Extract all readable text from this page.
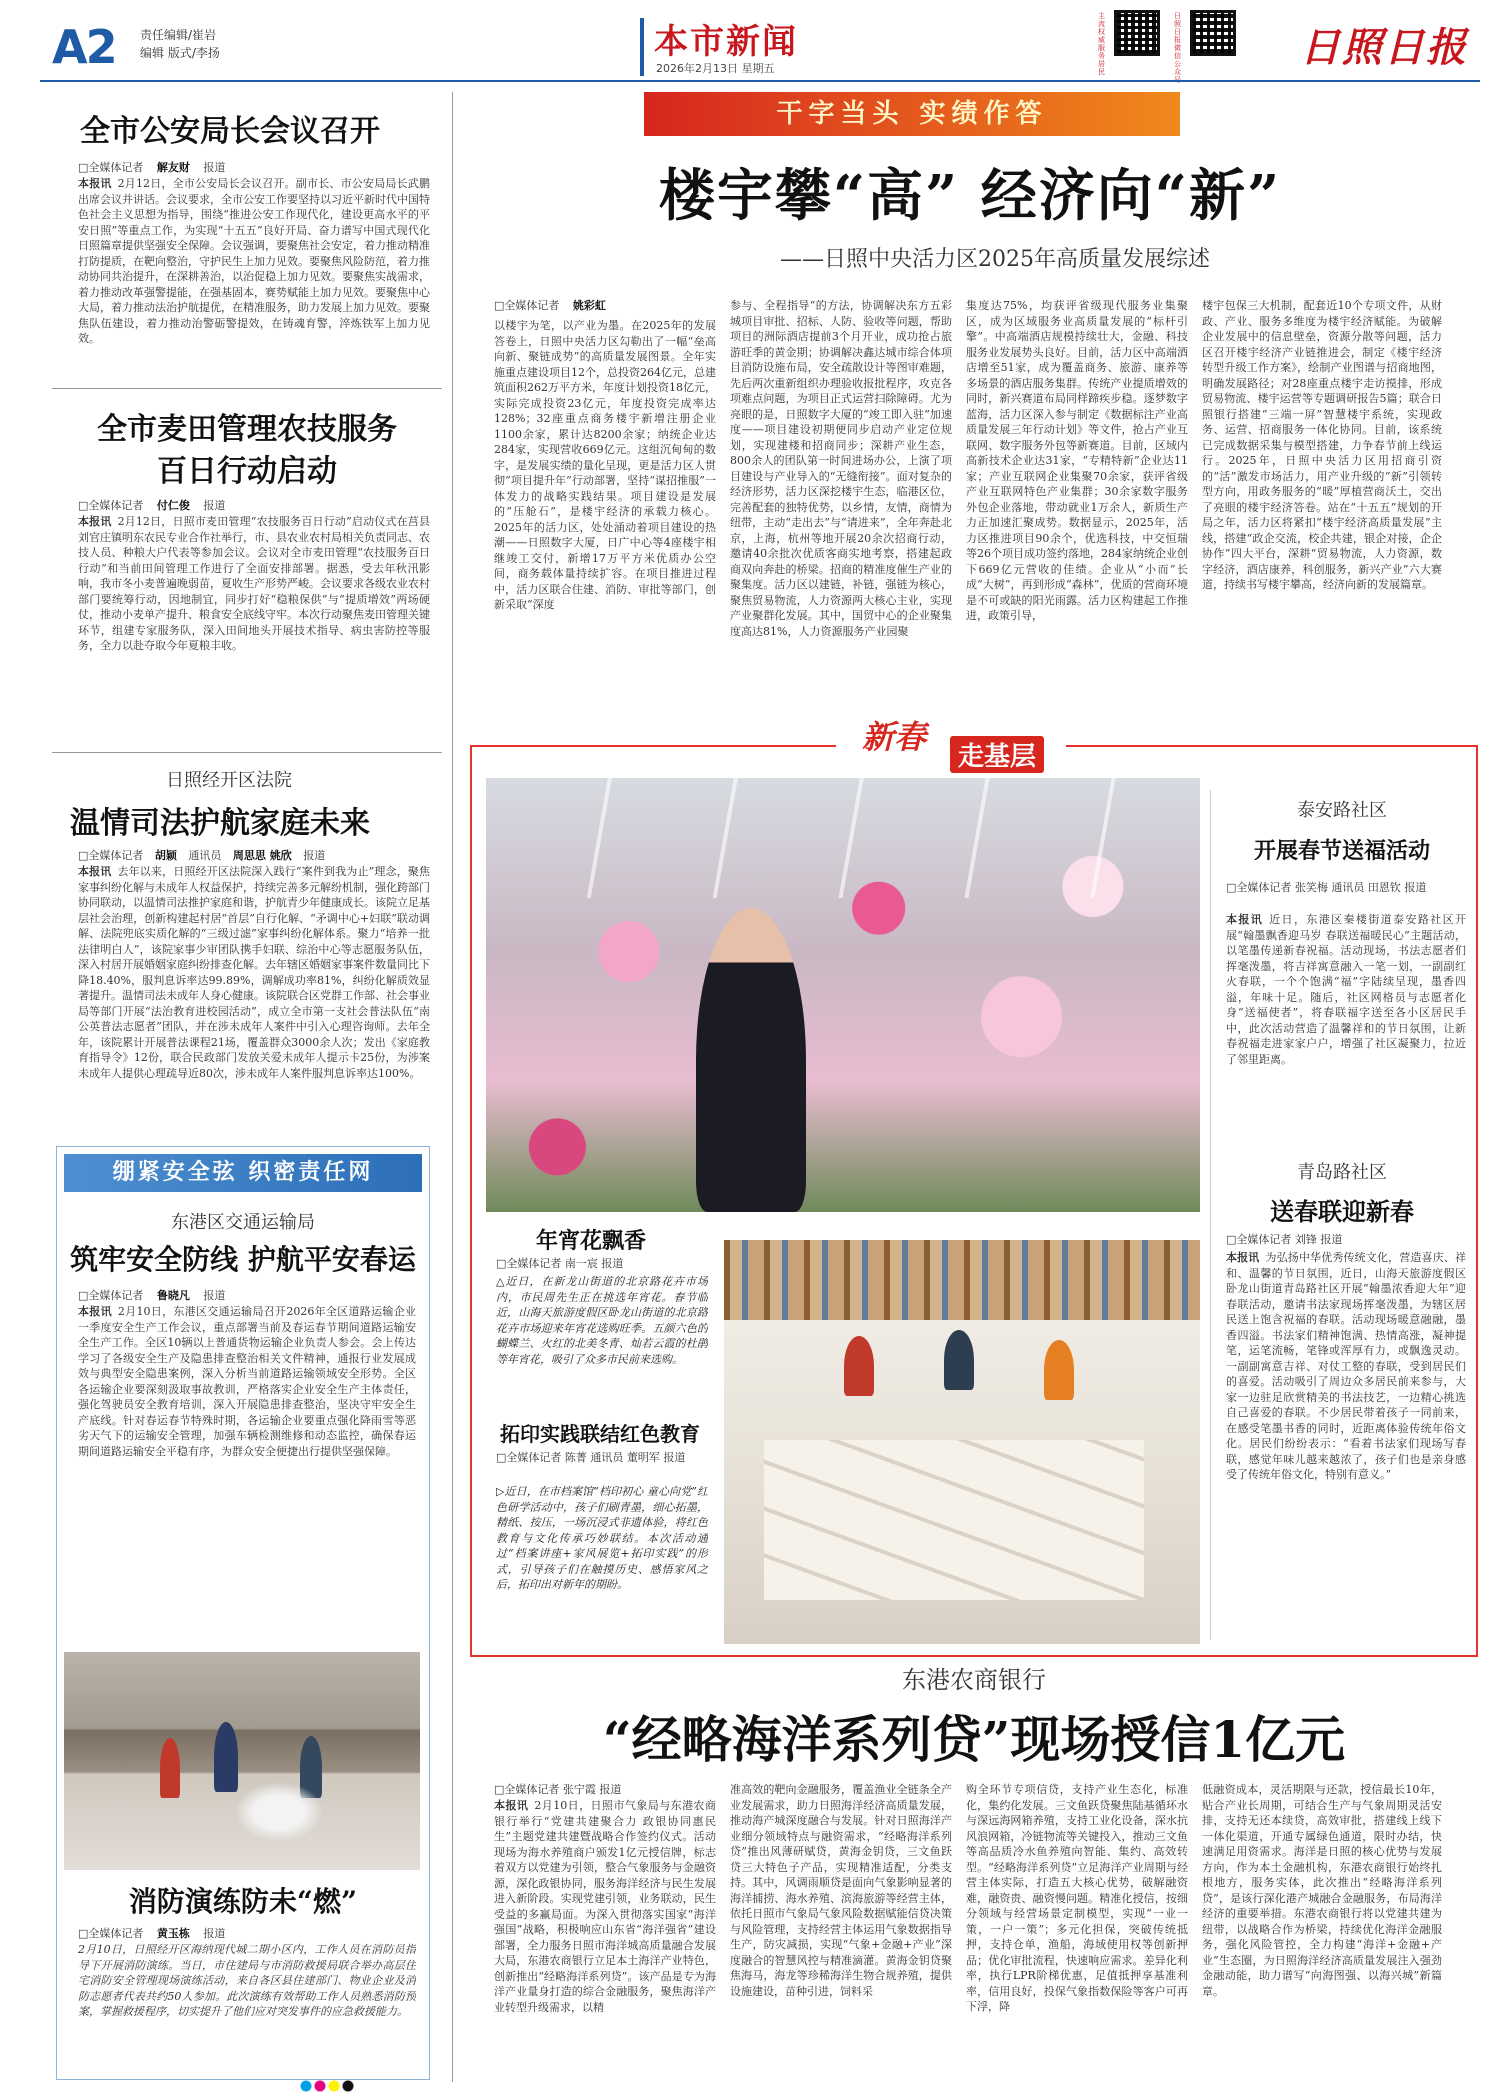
A2 责任编辑/崔岩
编辑 版式/李扬	本市新闻
2026年2月13日 星期五
主流权威 服务居民
日照日报 微信公众
日照日报
全市公安局长会议召开
□全媒体记者 解友财 报道
本报讯 2月12日，全市公安局长会议召开。副市长、市公安局局长武鹏出席会议并讲话。会议要求，全市公安工作要坚持以习近平新时代中国特色社会主义思想为指导，围绕“推进公安工作现代化，建设更高水平的平安日照”等重点工作，为实现“十五五”良好开局、奋力谱写中国式现代化日照篇章提供坚强安全保障。会议强调，要聚焦社会安定，着力推动精准打防提质，在靶向整治，守护民生上加力见效。要聚焦风险防范，着力推动协同共治提升，在深耕善治，以治促稳上加力见效。要聚焦实战需求，着力推动改革强警提能，在强基固本，赛势赋能上加力见效。要聚焦中心大局，着力推动法治护航提优，在精准服务，助力发展上加力见效。要聚焦队伍建设，着力推动治警砺警提效，在铸魂育警，淬炼铁军上加力见效。
全市麦田管理农技服务
百日行动启动
□全媒体记者 付仁俊 报道
本报讯 2月12日，日照市麦田管理“农技服务百日行动”启动仪式在莒县刘官庄镇明东农民专业合作社举行，市、县农业农村局相关负责同志、农技人员、种粮大户代表等参加会议。会议对全市麦田管理“农技服务百日行动”和当前田间管理工作进行了全面安排部署。据悉，受去年秋汛影响，我市冬小麦普遍晚弱苗，夏收生产形势严峻。会议要求各级农业农村部门要统筹行动，因地制宜，同步打好“稳粮保供”与“提质增效”两场硬仗，推动小麦单产提升、粮食安全底线守牢。本次行动聚焦麦田管理关键环节，组建专家服务队，深入田间地头开展技术指导、病虫害防控等服务，全力以赴夺取今年夏粮丰收。
日照经开区法院
温情司法护航家庭未来
□全媒体记者 胡颖 通讯员 周思思 姚欣 报道
本报讯 去年以来，日照经开区法院深入践行“案件到我为止”理念，聚焦家事纠纷化解与未成年人权益保护，持续完善多元解纷机制，强化跨部门协同联动，以温情司法推护家庭和谐，护航青少年健康成长。该院立足基层社会治理，创新构建起村居“首层”自行化解、“矛调中心+妇联”联动调解、法院兜底实质化解的“三级过滤”家事纠纷化解体系。聚力“培养一批法律明白人”，该院家事少审团队携手妇联、综治中心等志愿服务队伍，深入村居开展婚姻家庭纠纷排查化解。去年辖区婚姻家事案件数量同比下降18.40%，服判息诉率达99.89%，调解成功率81%，纠纷化解质效显著提升。温情司法未成年人身心健康。该院联合区党群工作部、社会事业局等部门开展“法治教育进校园活动”，成立全市第一支社会普法队伍“南公英普法志愿者”团队，并在涉未成年人案件中引入心理咨询师。去年全年，该院累计开展普法课程21场，覆盖群众3000余人次；发出《家庭教育指导令》12份，联合民政部门发放关爱未成年人提示卡25份，为涉案未成年人提供心理疏导近80次，涉未成年人案件服判息诉率达100%。
绷紧安全弦 织密责任网
东港区交通运输局
筑牢安全防线 护航平安春运
□全媒体记者 鲁晓凡 报道
本报讯 2月10日，东港区交通运输局召开2026年全区道路运输企业一季度安全生产工作会议，重点部署当前及春运春节期间道路运输安全生产工作。全区10辆以上普通货物运输企业负责人参会。会上传达学习了各级安全生产及隐患排查整治相关文件精神，通报行业发展成效与典型安全隐患案例，深入分析当前道路运输领域安全形势。全区各运输企业要深刻汲取事故教训，严格落实企业安全生产主体责任，强化驾驶员安全教育培训，深入开展隐患排查整治，坚决守牢安全生产底线。针对春运春节特殊时期，各运输企业要重点强化降雨雪等恶劣天气下的运输安全管理，加强车辆检测维修和动态监控，确保春运期间道路运输安全平稳有序，为群众安全便捷出行提供坚强保障。
消防演练防未“燃”
□全媒体记者 黄玉栋 报道
2月10日，日照经开区海纳现代城二期小区内，工作人员在消防员指导下开展消防演练。当日，市住建局与市消防救援局联合举办高层住宅消防安全管理现场演练活动，来自各区县住建部门、物业企业及消防志愿者代表共约50人参加。此次演练有效帮助工作人员熟悉消防预案，掌握救援程序，切实提升了他们应对突发事件的应急救援能力。
干字当头 实绩作答
楼宇攀“高” 经济向“新”
——日照中央活力区2025年高质量发展综述
□全媒体记者 姚彩虹
以楼宇为笔，以产业为墨。在2025年的发展答卷上，日照中央活力区勾勒出了一幅“垒高向新、聚链成势”的高质量发展图景。全年实施重点建设项目12个，总投资264亿元，总建筑面积262万平方米，年度计划投资18亿元，实际完成投资23亿元，年度投资完成率达128%；32座重点商务楼宇新增注册企业1100余家，累计达8200余家；纳统企业达284家，实现营收669亿元。这组沉甸甸的数字，是发展实绩的量化呈现，更是活力区人贯彻“项目提升年”行动部署，坚持“谋招推服”一体发力的战略实践结果。项目建设是发展的“压舱石”，是楼宇经济的承载力核心。2025年的活力区，处处涌动着项目建设的热潮——日照数字大厦，日广中心等4座楼宇相继竣工交付，新增17万平方米优质办公空间，商务载体量持续扩容。在项目推进过程中，活力区联合住建、消防、审批等部门，创新采取“深度
参与、全程指导”的方法，协调解决东方五彩城项目审批、招标、人防、验收等问题，帮助项目的洲际酒店提前3个月开业，成功抢占旅游旺季的黄金期；协调解决鑫达城市综合体项目消防设施布局，安全疏散设计等图审难题，先后两次重新组织办理验收报批程序，攻克各项难点问题，为项目正式运营扫除障碍。尤为亮眼的是，日照数字大厦的“竣工即入驻”加速度——项目建设初期便同步启动产业定位规划，实现建楼和招商同步；深耕产业生态，800余人的团队第一时间进场办公，上演了项目建设与产业导入的“无缝衔接”。面对复杂的经济形势，活力区深挖楼宇生态，临港区位，完善配套的独特优势，以乡情，友情，商情为纽带，主动“走出去”与“请进来”，全年奔赴北京，上海，杭州等地开展20余次招商行动，邀请40余批次优质客商实地考察，搭建起政商双向奔赴的桥梁。招商的精准度催生产业的聚集度。活力区以建链，补链，强链为核心，聚焦贸易物流，人力资源两大核心主业，实现产业聚群化发展。其中，国贸中心的企业聚集度高达81%，人力资源服务产业园聚
集度达75%，均获评省级现代服务业集聚区，成为区域服务业高质量发展的“标杆引擎”。中高端酒店规模持续壮大，金融、科技服务业发展势头良好。目前，活力区中高端酒店增至51家，成为覆盖商务、旅游、康养等多场景的酒店服务集群。传统产业提质增效的同时，新兴赛道布局同样蹄疾步稳。逐梦数字蓝海，活力区深入参与制定《数据标注产业高质量发展三年行动计划》等文件，抢占产业互联网、数字服务外包等新赛道。目前，区域内高新技术企业达31家，“专精特新”企业达11家；产业互联网企业集聚70余家，获评省级产业互联网特色产业集群；30余家数字服务外包企业落地，带动就业1万余人，新质生产力正加速汇聚成势。数据显示，2025年，活力区推进项目90余个，优选科技，中交恒瑞等26个项目成功签约落地，284家纳统企业创下669亿元营收的佳绩。企业从“小而”长成“大树”，再到形成“森林”，优质的营商环境是不可或缺的阳光雨露。活力区构建起工作推进，政策引导，
楼宇包保三大机制，配套近10个专项文件，从财政、产业、服务多维度为楼宇经济赋能。为破解企业发展中的信息壁垒，资源分散等问题，活力区召开楼宇经济产业链推进会，制定《楼宇经济转型升级工作方案》，绘制产业图谱与招商地图，明确发展路径；对28座重点楼宇走访摸排，形成贸易物流、楼宇运营等专题调研报告5篇；联合日照银行搭建“三端一屏”智慧楼宇系统，实现政务、运营、招商服务一体化协同。目前，该系统已完成数据采集与模型搭建，力争春节前上线运行。2025年，日照中央活力区用招商引资的“活”激发市场活力，用产业升级的“新”引领转型方向，用政务服务的“暖”厚植营商沃土，交出了亮眼的楼宇经济答卷。站在“十五五”规划的开局之年，活力区将紧扣“楼宇经济高质量发展”主线，搭建“政企交流，校企共建，银企对接，企企协作”四大平台，深耕“贸易物流，人力资源，数字经济，酒店康养，科创服务，新兴产业”六大赛道，持续书写楼宇攀高，经济向新的发展篇章。
新春
走基层
年宵花飘香
□全媒体记者 南一宸 报道
△近日，在新龙山街道的北京路花卉市场内，市民周先生正在挑选年宵花。春节临近，山海天旅游度假区卧龙山街道的北京路花卉市场迎来年宵花选购旺季。五颜六色的蝴蝶兰、火红的北美冬青、灿若云霞的杜鹃等年宵花，吸引了众多市民前来选购。
拓印实践联结红色教育
□全媒体记者 陈菁 通讯员 董明军 报道
▷近日，在市档案馆“档印初心 童心向党”红色研学活动中，孩子们刷青墨，细心拓墨，精纸、按压，一场沉浸式非遗体验，将红色教育与文化传承巧妙联结。本次活动通过“档案讲座+家风展览+拓印实践”的形式，引导孩子们在触摸历史、感悟家风之后，拓印出对新年的期盼。
泰安路社区
开展春节送福活动
□全媒体记者 张笑梅 通讯员 田恩钦 报道
本报讯 近日，东港区秦楼街道泰安路社区开展“翰墨飘香迎马岁 春联送福暖民心”主题活动，以笔墨传递新春祝福。活动现场，书法志愿者们挥毫泼墨，将吉祥寓意融入一笔一划，一副副红火春联，一个个饱满“福”字陆续呈现，墨香四溢，年味十足。随后，社区网格员与志愿者化身“送福使者”，将春联福字送至各小区居民手中，此次活动营造了温馨祥和的节日氛围，让新春祝福走进家家户户，增强了社区凝聚力，拉近了邻里距离。
青岛路社区
送春联迎新春
□全媒体记者 刘锋 报道
本报讯 为弘扬中华优秀传统文化，营造喜庆、祥和、温馨的节日氛围，近日，山海天旅游度假区卧龙山街道青岛路社区开展“翰墨浓香迎大年”迎春联活动，邀请书法家现场挥毫泼墨，为辖区居民送上饱含祝福的春联。活动现场暖意融融，墨香四溢。书法家们精神饱满、热情高涨，凝神提笔，运笔流畅，笔锋或浑厚有力，或飘逸灵动。一副副寓意吉祥、对仗工整的春联，受到居民们的喜爱。活动吸引了周边众多居民前来参与，大家一边驻足欣赏精美的书法技艺，一边精心挑选自己喜爱的春联。不少居民带着孩子一同前来，在感受笔墨书香的同时，近距离体验传统年俗文化。居民们纷纷表示：“看着书法家们现场写春联，感觉年味儿越来越浓了，孩子们也是亲身感受了传统年俗文化，特别有意义。”
东港农商银行
“经略海洋系列贷”现场授信1亿元
□全媒体记者 张宁霞 报道
本报讯 2月10日，日照市气象局与东港农商银行举行“党建共建聚合力 政银协同惠民生”主题党建共建暨战略合作签约仪式。活动现场为海水养殖商户颁发1亿元授信牌，标志着双方以党建为引领，整合气象服务与金融资源，深化政银协同，服务海洋经济与民生发展进入新阶段。实现党建引领，业务联动，民生受益的多赢局面。为深入贯彻落实国家“海洋强国”战略，积极响应山东省“海洋强省”建设部署，全力服务日照市海洋城高质量融合发展大局，东港农商银行立足本土海洋产业特色，创新推出“经略海洋系列贷”。该产品是专为海洋产业量身打造的综合金融服务，聚焦海洋产业转型升级需求，以精
准高效的靶向金融服务，覆盖渔业全链条全产业发展需求，助力日照海洋经济高质量发展，推动海产城深度融合与发展。针对日照海洋产业细分领域特点与融资需求，“经略海洋系列贷”推出风薄研赋贷，黄海金钥贷，三文鱼跃贷三大特色子产品，实现精准适配，分类支持。其中，风调雨顺贷是面向气象影响显著的海洋捕捞、海水养殖、滨海旅游等经营主体，依托日照市气象局气象风险数据赋能信贷决策与风险管理，支持经营主体运用气象数据指导生产，防灾减损，实现“气象+金融+产业”深度融合的智慧风控与精准滴灌。黄海金钥贷聚焦海马，海龙等珍稀海洋生物合规养殖，提供设施建设，苗种引进，饲料采
购全环节专项信贷，支持产业生态化，标准化，集约化发展。三文鱼跃贷聚焦陆基循环水与深远海网箱养殖，支持工业化设备，深水抗风浪网箱，冷链物流等关键投入，推动三文鱼等高品质冷水鱼养殖向智能、集约、高效转型。“经略海洋系列贷”立足海洋产业周期与经营主体实际，打造五大核心优势，破解融资难，融资贵、融资慢问题。精准化授信，按细分领域与经营场景定制模型，实现“一业一策，一户一策”；多元化担保，突破传统抵押，支持仓单，渔船，海域使用权等创新押品；优化审批流程，快速响应需求。差异化利率，执行LPR阶梯优惠，足值抵押享基准利率，信用良好，投保气象指数保险等客户可再下浮，降
低融资成本，灵活期限与还款，授信最长10年，贴合产业长周期，可结合生产与气象周期灵活安排，支持无还本续贷，高效审批，搭建线上线下一体化渠道，开通专属绿色通道，限时办结，快速满足用资需求。海洋是日照的核心优势与发展方向，作为本土金融机构，东港农商银行始终扎根地方，服务实体，此次推出“经略海洋系列贷”，是该行深化港产城融合金融服务，布局海洋经济的重要举措。东港农商银行将以党建共建为纽带，以战略合作为桥梁，持续优化海洋金融服务，强化风险管控，全力构建“海洋+金融+产业”生态圈，为日照海洋经济高质量发展注入强劲金融动能，助力谱写“向海图强、以海兴城”新篇章。
